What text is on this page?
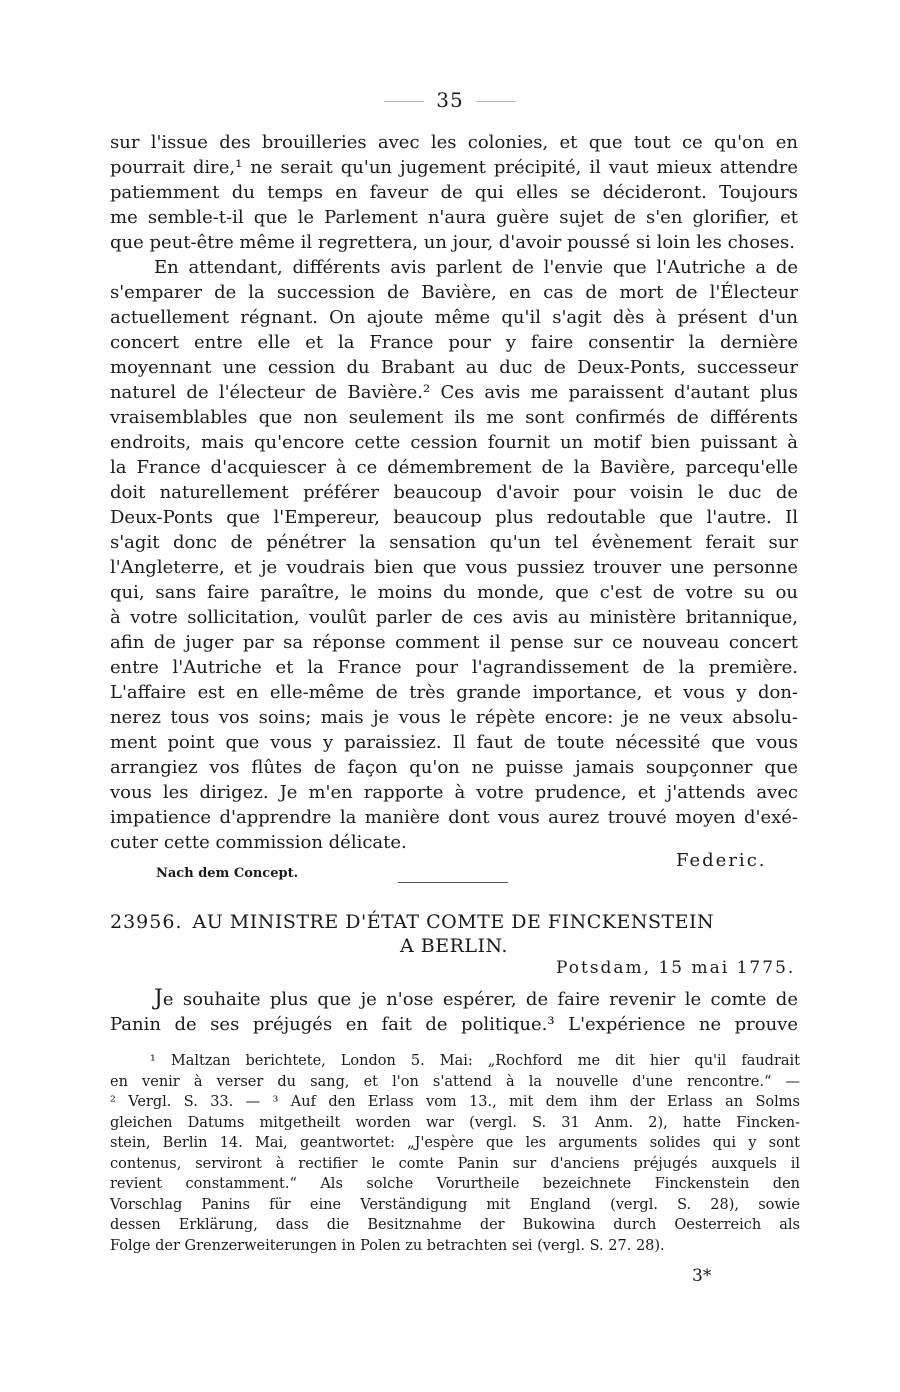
35
sur l'issue des brouilleries avec les colonies, et que tout ce qu'on en
pourrait dire,¹ ne serait qu'un jugement précipité, il vaut mieux attendre
patiemment du temps en faveur de qui elles se décideront. Toujours
me semble-t-il que le Parlement n'aura guère sujet de s'en glorifier, et
que peut-être même il regrettera, un jour, d'avoir poussé si loin les choses.
En attendant, différents avis parlent de l'envie que l'Autriche a de
s'emparer de la succession de Bavière, en cas de mort de l'Électeur
actuellement régnant. On ajoute même qu'il s'agit dès à présent d'un
concert entre elle et la France pour y faire consentir la dernière
moyennant une cession du Brabant au duc de Deux-Ponts, successeur
naturel de l'électeur de Bavière.² Ces avis me paraissent d'autant plus
vraisemblables que non seulement ils me sont confirmés de différents
endroits, mais qu'encore cette cession fournit un motif bien puissant à
la France d'acquiescer à ce démembrement de la Bavière, parcequ'elle
doit naturellement préférer beaucoup d'avoir pour voisin le duc de
Deux-Ponts que l'Empereur, beaucoup plus redoutable que l'autre. Il
s'agit donc de pénétrer la sensation qu'un tel évènement ferait sur
l'Angleterre, et je voudrais bien que vous pussiez trouver une personne
qui, sans faire paraître, le moins du monde, que c'est de votre su ou
à votre sollicitation, voulût parler de ces avis au ministère britannique,
afin de juger par sa réponse comment il pense sur ce nouveau concert
entre l'Autriche et la France pour l'agrandissement de la première.
L'affaire est en elle-même de très grande importance, et vous y don-
nerez tous vos soins; mais je vous le répète encore: je ne veux absolu-
ment point que vous y paraissiez. Il faut de toute nécessité que vous
arrangiez vos flûtes de façon qu'on ne puisse jamais soupçonner que
vous les dirigez. Je m'en rapporte à votre prudence, et j'attends avec
impatience d'apprendre la manière dont vous aurez trouvé moyen d'exé-
cuter cette commission délicate.
Federic.
Nach dem Concept.
23956. AU MINISTRE D'ÉTAT COMTE DE FINCKENSTEIN
A BERLIN.
Potsdam, 15 mai 1775.
Je souhaite plus que je n'ose espérer, de faire revenir le comte de
Panin de ses préjugés en fait de politique.³ L'expérience ne prouve
¹ Maltzan berichtete, London 5. Mai: „Rochford me dit hier qu'il faudrait
en venir à verser du sang, et l'on s'attend à la nouvelle d'une rencontre.“ —
² Vergl. S. 33. — ³ Auf den Erlass vom 13., mit dem ihm der Erlass an Solms
gleichen Datums mitgetheilt worden war (vergl. S. 31 Anm. 2), hatte Fincken-
stein, Berlin 14. Mai, geantwortet: „J'espère que les arguments solides qui y sont
contenus, serviront à rectifier le comte Panin sur d'anciens préjugés auxquels il
revient constamment.“ Als solche Vorurtheile bezeichnete Finckenstein den
Vorschlag Panins für eine Verständigung mit England (vergl. S. 28), sowie
dessen Erklärung, dass die Besitznahme der Bukowina durch Oesterreich als
Folge der Grenzerweiterungen in Polen zu betrachten sei (vergl. S. 27. 28).
3*
